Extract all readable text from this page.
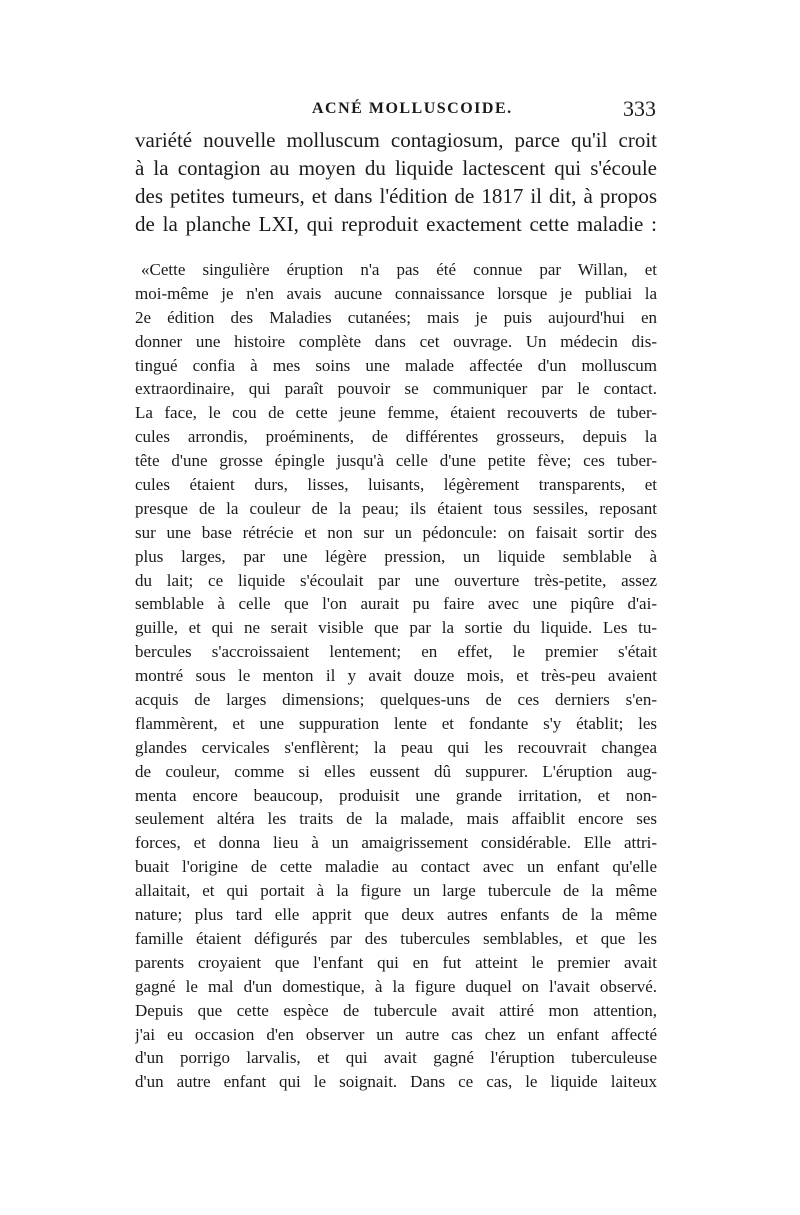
ACNÉ MOLLUSCOIDE.	333
variété nouvelle molluscum contagiosum, parce qu'il croit
à la contagion au moyen du liquide lactescent qui s'écoule
des petites tumeurs, et dans l'édition de 1817 il dit, à propos
de la planche LXI, qui reproduit exactement cette maladie :
«Cette singulière éruption n'a pas été connue par Willan, et
moi-même je n'en avais aucune connaissance lorsque je publiai la
2e édition des Maladies cutanées; mais je puis aujourd'hui en
donner une histoire complète dans cet ouvrage. Un médecin dis-
tingué confia à mes soins une malade affectée d'un molluscum
extraordinaire, qui paraît pouvoir se communiquer par le contact.
La face, le cou de cette jeune femme, étaient recouverts de tuber-
cules arrondis, proéminents, de différentes grosseurs, depuis la
tête d'une grosse épingle jusqu'à celle d'une petite fève; ces tuber-
cules étaient durs, lisses, luisants, légèrement transparents, et
presque de la couleur de la peau; ils étaient tous sessiles, reposant
sur une base rétrécie et non sur un pédoncule: on faisait sortir des
plus larges, par une légère pression, un liquide semblable à
du lait; ce liquide s'écoulait par une ouverture très-petite, assez
semblable à celle que l'on aurait pu faire avec une piqûre d'ai-
guille, et qui ne serait visible que par la sortie du liquide. Les tu-
bercules s'accroissaient lentement; en effet, le premier s'était
montré sous le menton il y avait douze mois, et très-peu avaient
acquis de larges dimensions; quelques-uns de ces derniers s'en-
flammèrent, et une suppuration lente et fondante s'y établit; les
glandes cervicales s'enflèrent; la peau qui les recouvrait changea
de couleur, comme si elles eussent dû suppurer. L'éruption aug-
menta encore beaucoup, produisit une grande irritation, et non-
seulement altéra les traits de la malade, mais affaiblit encore ses
forces, et donna lieu à un amaigrissement considérable. Elle attri-
buait l'origine de cette maladie au contact avec un enfant qu'elle
allaitait, et qui portait à la figure un large tubercule de la même
nature; plus tard elle apprit que deux autres enfants de la même
famille étaient défigurés par des tubercules semblables, et que les
parents croyaient que l'enfant qui en fut atteint le premier avait
gagné le mal d'un domestique, à la figure duquel on l'avait observé.
Depuis que cette espèce de tubercule avait attiré mon attention,
j'ai eu occasion d'en observer un autre cas chez un enfant affecté
d'un porrigo larvalis, et qui avait gagné l'éruption tuberculeuse
d'un autre enfant qui le soignait. Dans ce cas, le liquide laiteux
